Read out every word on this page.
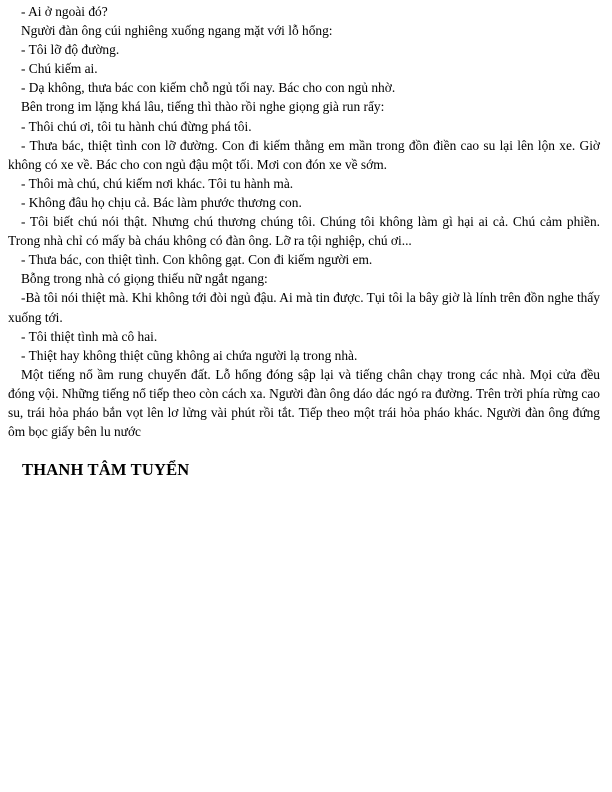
- Ai ở ngoài đó?

Người đàn ông cúi nghiêng xuống ngang mặt với lỗ hổng:

- Tôi lỡ độ đường.

- Chú kiếm ai.

- Dạ không, thưa bác con kiếm chỗ ngủ tối nay. Bác cho con ngủ nhờ.

Bên trong im lặng khá lâu, tiếng thì thào rồi nghe giọng già run rẩy:

- Thôi chú ơi, tôi tu hành chú đừng phá tôi.

- Thưa bác, thiệt tình con lỡ đường. Con đi kiếm thằng em mần trong đồn điền cao su lại lên lộn xe. Giờ không có xe về. Bác cho con ngủ đậu một tối. Mơi con đón xe về sớm.

- Thôi mà chú, chú kiếm nơi khác. Tôi tu hành mà.

- Không đâu họ chịu cả. Bác làm phước thương con.

- Tôi biết chú nói thật. Nhưng chú thương chúng tôi. Chúng tôi không làm gì hại ai cả. Chú cảm phiền. Trong nhà chỉ có mấy bà cháu không có đàn ông. Lỡ ra tội nghiệp, chú ơi...

- Thưa bác, con thiệt tình. Con không gạt. Con đi kiếm người em.

Bỗng trong nhà có giọng thiếu nữ ngắt ngang:

-Bà tôi nói thiệt mà. Khi không tới đòi ngủ đậu. Ai mà tin được. Tụi tôi la bây giờ là lính trên đồn nghe thấy xuống tới.

- Tôi thiệt tình mà cô hai.

- Thiệt hay không thiệt cũng không ai chứa người lạ trong nhà.

Một tiếng nổ ầm rung chuyển đất. Lỗ hổng đóng sập lại và tiếng chân chạy trong các nhà. Mọi cửa đều đóng vội. Những tiếng nổ tiếp theo còn cách xa. Người đàn ông dáo dác ngó ra đường. Trên trời phía rừng cao su, trái hỏa pháo bắn vọt lên lơ lửng vài phút rồi tắt. Tiếp theo một trái hỏa pháo khác. Người đàn ông đứng ôm bọc giấy bên lu nước

THANH TÂM TUYỂN
